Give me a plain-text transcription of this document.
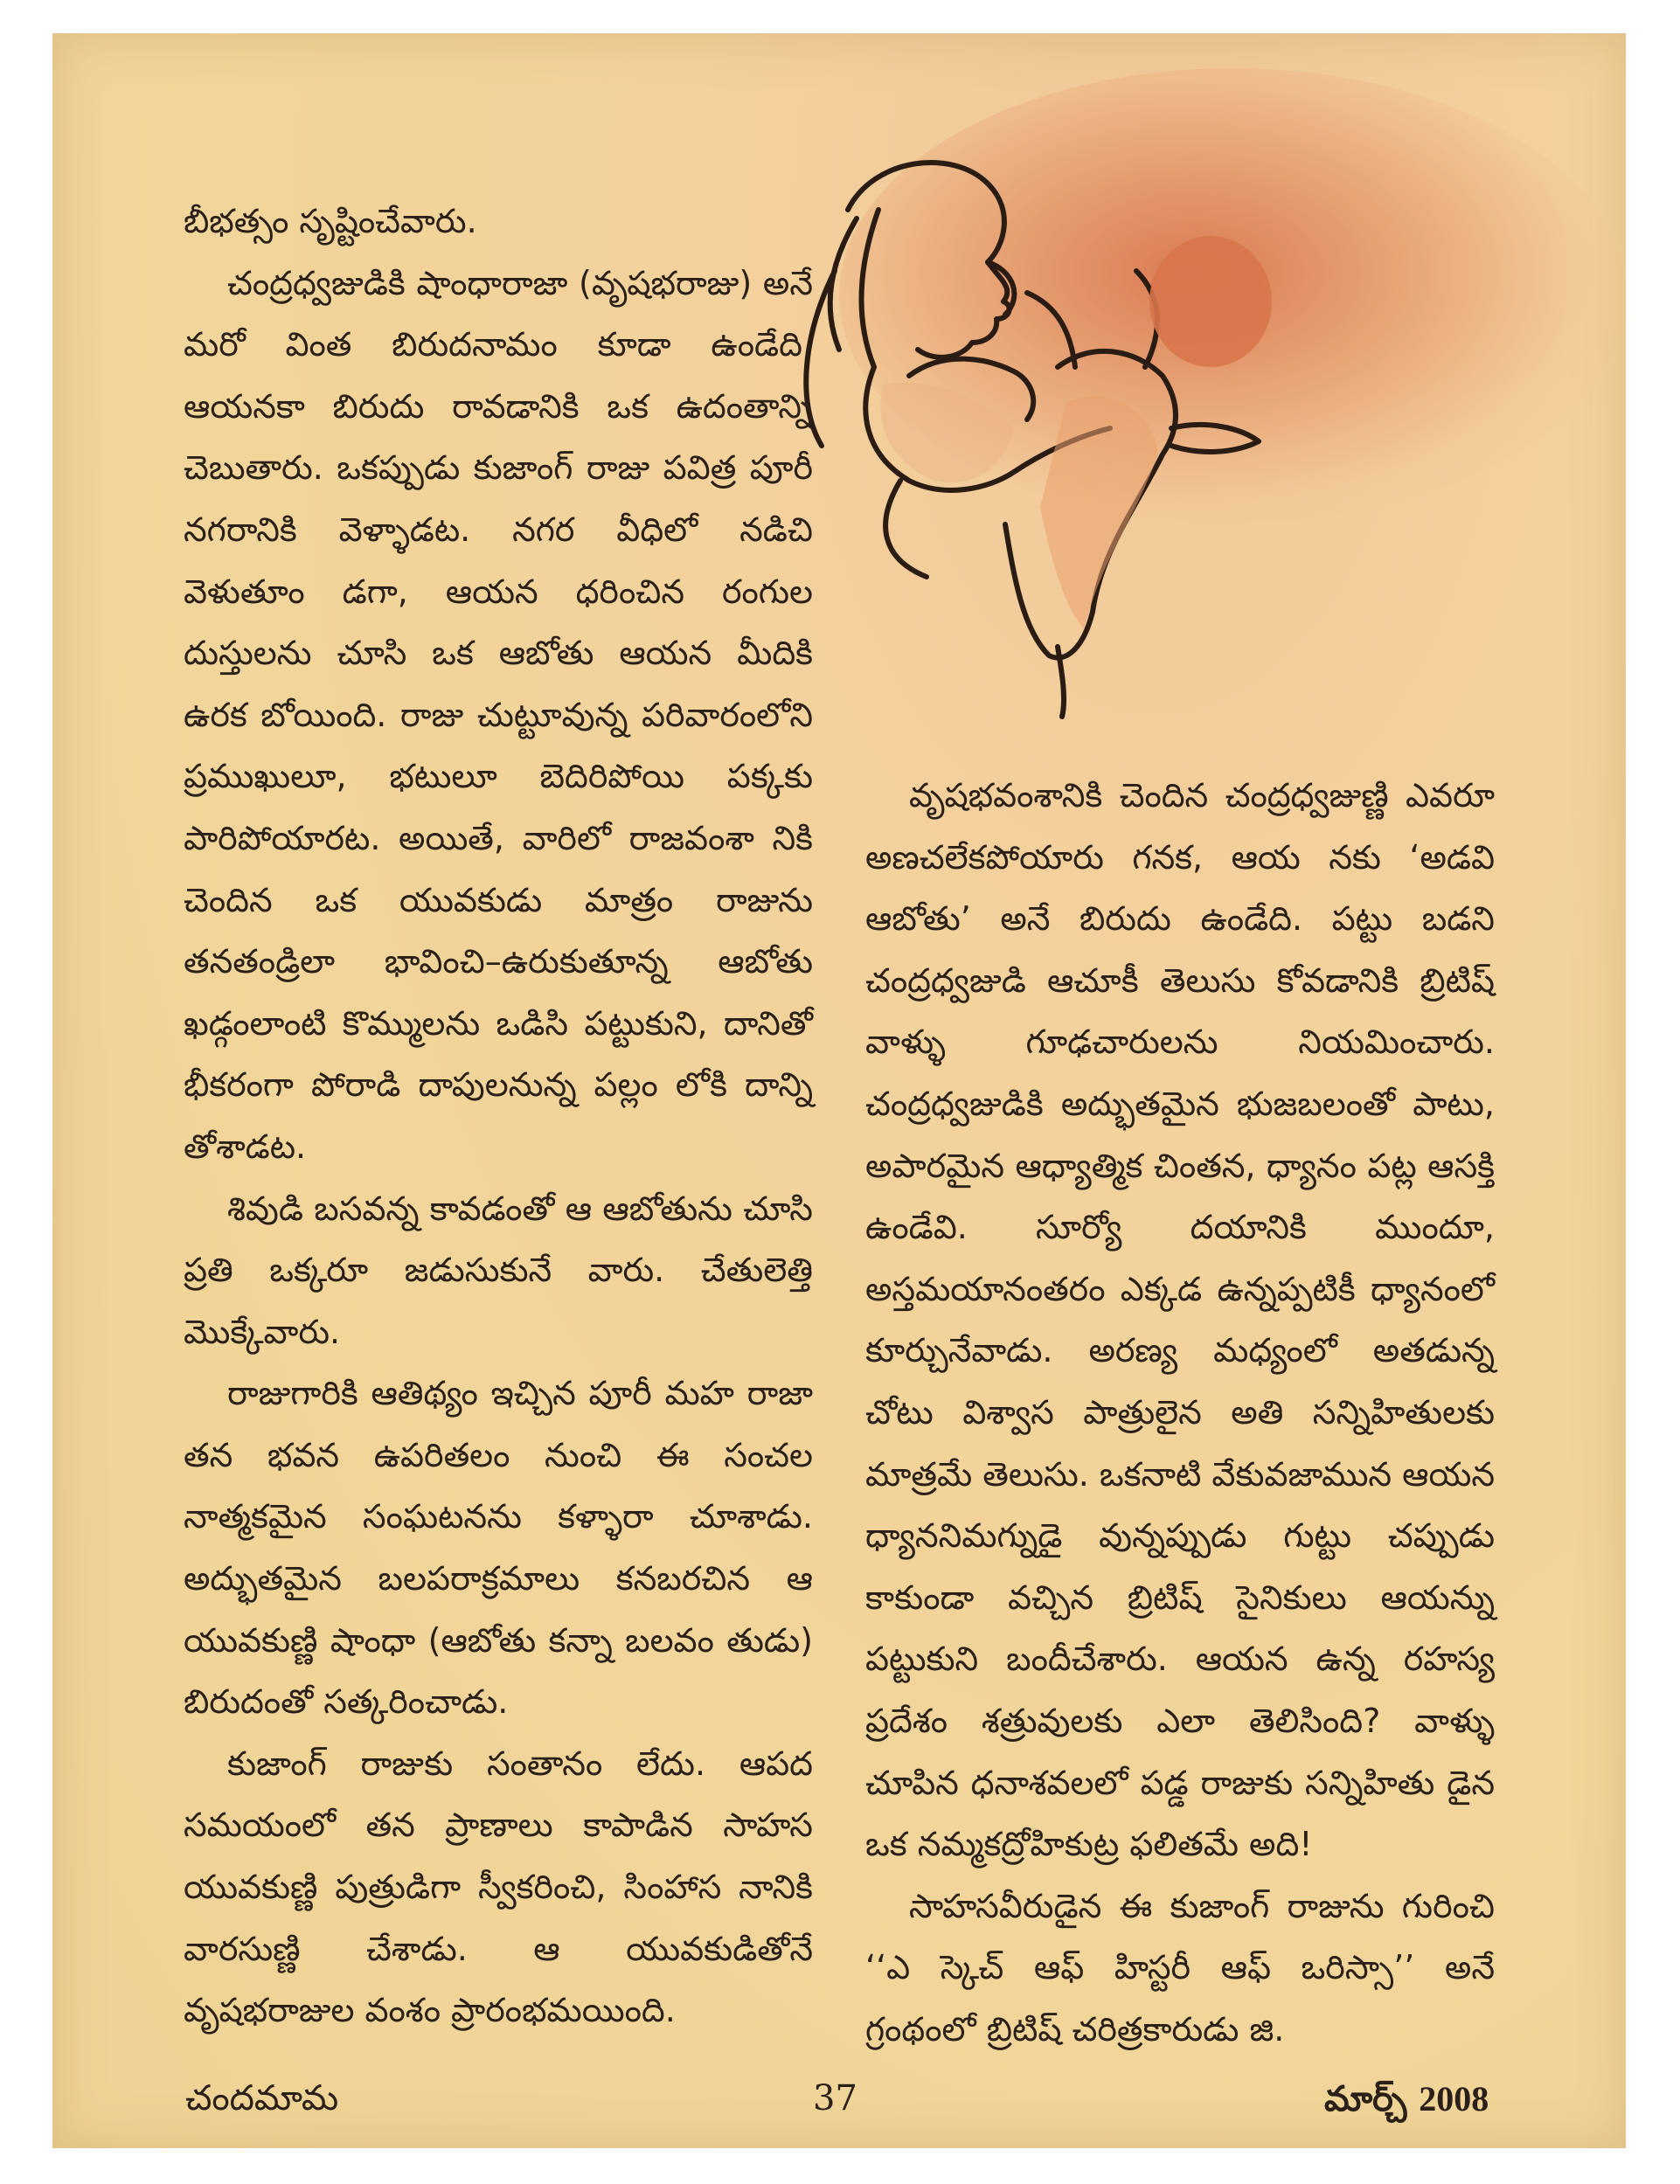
బీభత్సం సృష్టించేవారు.

చంద్రధ్వజుడికి షాంధారాజా (వృషభరాజు) అనే మరో వింత బిరుదనామం కూడా ఉండేది. ఆయనకా బిరుదు రావడానికి ఒక ఉదంతాన్ని చెబుతారు. ఒకప్పుడు కుజాంగ్ రాజు పవిత్ర పూరీ నగరానికి వెళ్ళాడట. నగర వీధిలో నడిచి వెళుతూం డగా, ఆయన ధరించిన రంగుల దుస్తులను చూసి ఒక ఆబోతు ఆయన మీదికి ఉరక బోయింది. రాజు చుట్టూవున్న పరివారంలోని ప్రముఖులూ, భటులూ బెదిరిపోయి పక్కకు పారిపోయారట. అయితే, వారిలో రాజవంశా నికి చెందిన ఒక యువకుడు మాత్రం రాజును తనతండ్రిలా భావించి–ఉరుకుతూన్న ఆబోతు ఖడ్గంలాంటి కొమ్ములను ఒడిసి పట్టుకుని, దానితో భీకరంగా పోరాడి దాపులనున్న పల్లం లోకి దాన్ని తోశాడట.

శివుడి బసవన్న కావడంతో ఆ ఆబోతును చూసి ప్రతి ఒక్కరూ జడుసుకునే వారు. చేతులెత్తి మొక్కేవారు.

రాజుగారికి ఆతిథ్యం ఇచ్చిన పూరీ మహ రాజా తన భవన ఉపరితలం నుంచి ఈ సంచల నాత్మకమైన సంఘటనను కళ్ళారా చూశాడు. అద్భుతమైన బలపరాక్రమాలు కనబరచిన ఆ యువకుణ్ణి షాంధా (ఆబోతు కన్నా బలవం తుడు) బిరుదంతో సత్కరించాడు.

కుజాంగ్ రాజుకు సంతానం లేదు. ఆపద సమయంలో తన ప్రాణాలు కాపాడిన సాహస యువకుణ్ణి పుత్రుడిగా స్వీకరించి, సింహాస నానికి వారసుణ్ణి చేశాడు. ఆ యువకుడితోనే వృషభరాజుల వంశం ప్రారంభమయింది.

వృషభవంశానికి చెందిన చంద్రధ్వజుణ్ణి ఎవరూ అణచలేకపోయారు గనక, ఆయ నకు ‘అడవి ఆబోతు’ అనే బిరుదు ఉండేది. పట్టు బడని చంద్రధ్వజుడి ఆచూకీ తెలుసు కోవడానికి బ్రిటిష్ వాళ్ళు గూఢచారులను నియమించారు. చంద్రధ్వజుడికి అద్భుతమైన భుజబలంతో పాటు, అపారమైన ఆధ్యాత్మిక చింతన, ధ్యానం పట్ల ఆసక్తి ఉండేవి. సూర్యో దయానికి ముందూ, అస్తమయానంతరం ఎక్కడ ఉన్నప్పటికీ ధ్యానంలో కూర్చునేవాడు. అరణ్య మధ్యంలో అతడున్న చోటు విశ్వాస పాత్రులైన అతి సన్నిహితులకు మాత్రమే తెలుసు. ఒకనాటి వేకువజామున ఆయన ధ్యాననిమగ్నుడై వున్నప్పుడు గుట్టు చప్పుడు కాకుండా వచ్చిన బ్రిటిష్ సైనికులు ఆయన్ను పట్టుకుని బందీచేశారు. ఆయన ఉన్న రహస్య ప్రదేశం శత్రువులకు ఎలా తెలిసింది? వాళ్ళు చూపిన ధనాశవలలో పడ్డ రాజుకు సన్నిహితు డైన ఒక నమ్మకద్రోహికుట్ర ఫలితమే అది!

సాహసవీరుడైన ఈ కుజాంగ్ రాజును గురించి ‘‘ఎ స్కెచ్ ఆఫ్ హిస్టరీ ఆఫ్ ఒరిస్సా’’ అనే గ్రంథంలో బ్రిటిష్ చరిత్రకారుడు జి.

చందమామ	37	మార్చ్ 2008
